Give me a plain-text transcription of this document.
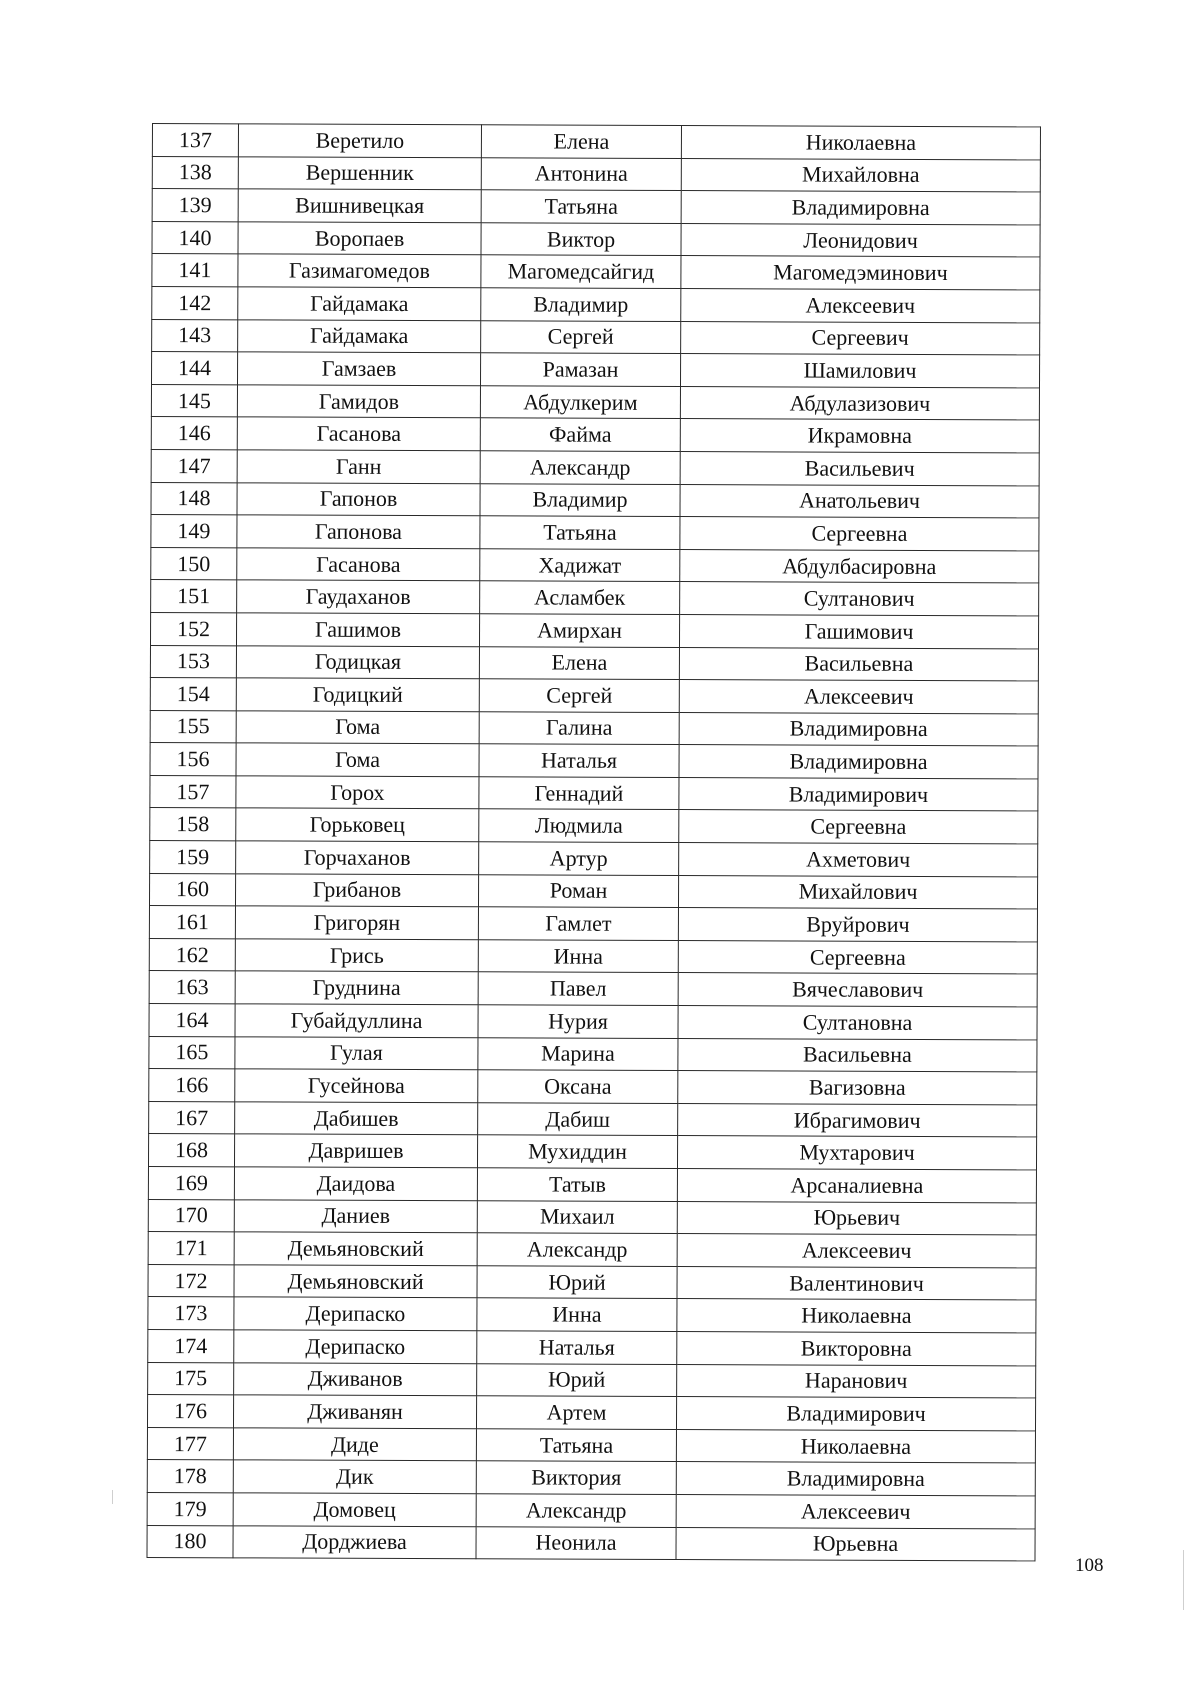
137	Веретило	Елена	Николаевна
138	Вершенник	Антонина	Михайловна
139	Вишнивецкая	Татьяна	Владимировна
140	Воропаев	Виктор	Леонидович
141	Газимагомедов	Магомедсайгид	Магомедэминович
142	Гайдамака	Владимир	Алексеевич
143	Гайдамака	Сергей	Сергеевич
144	Гамзаев	Рамазан	Шамилович
145	Гамидов	Абдулкерим	Абдулазизович
146	Гасанова	Файма	Икрамовна
147	Ганн	Александр	Васильевич
148	Гапонов	Владимир	Анатольевич
149	Гапонова	Татьяна	Сергеевна
150	Гасанова	Хадижат	Абдулбасировна
151	Гаудаханов	Асламбек	Султанович
152	Гашимов	Амирхан	Гашимович
153	Годицкая	Елена	Васильевна
154	Годицкий	Сергей	Алексеевич
155	Гома	Галина	Владимировна
156	Гома	Наталья	Владимировна
157	Горох	Геннадий	Владимирович
158	Горьковец	Людмила	Сергеевна
159	Горчаханов	Артур	Ахметович
160	Грибанов	Роман	Михайлович
161	Григорян	Гамлет	Вруйрович
162	Грись	Инна	Сергеевна
163	Груднина	Павел	Вячеславович
164	Губайдуллина	Нурия	Султановна
165	Гулая	Марина	Васильевна
166	Гусейнова	Оксана	Вагизовна
167	Дабишев	Дабиш	Ибрагимович
168	Давришев	Мухиддин	Мухтарович
169	Даидова	Татыв	Арсаналиевна
170	Даниев	Михаил	Юрьевич
171	Демьяновский	Александр	Алексеевич
172	Демьяновский	Юрий	Валентинович
173	Дерипаско	Инна	Николаевна
174	Дерипаско	Наталья	Викторовна
175	Дживанов	Юрий	Наранович
176	Дживанян	Артем	Владимирович
177	Диде	Татьяна	Николаевна
178	Дик	Виктория	Владимировна
179	Домовец	Александр	Алексеевич
180	Дорджиева	Неонила	Юрьевна
108
